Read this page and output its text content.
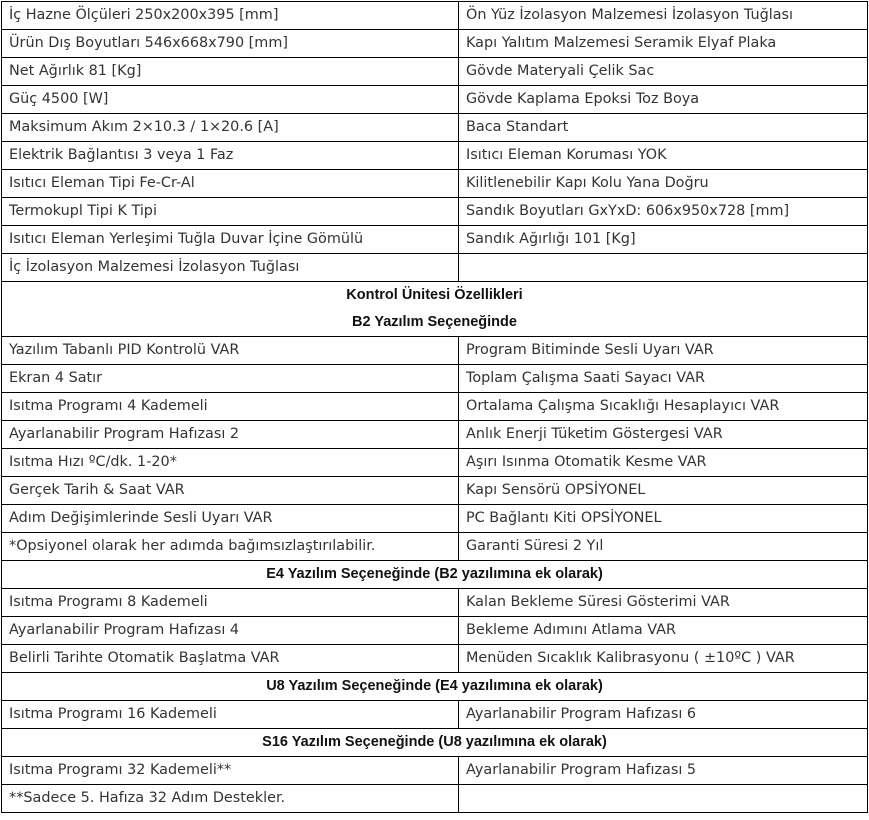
İç Hazne Ölçüleri 250x200x395 [mm]	Ön Yüz İzolasyon Malzemesi İzolasyon Tuğlası
Ürün Dış Boyutları 546x668x790 [mm]	Kapı Yalıtım Malzemesi Seramik Elyaf Plaka
Net Ağırlık 81 [Kg]	Gövde Materyali Çelik Sac
Güç 4500 [W]	Gövde Kaplama Epoksi Toz Boya
Maksimum Akım 2×10.3 / 1×20.6 [A]	Baca Standart
Elektrik Bağlantısı 3 veya 1 Faz	Isıtıcı Eleman Koruması YOK
Isıtıcı Eleman Tipi Fe-Cr-Al	Kilitlenebilir Kapı Kolu Yana Doğru
Termokupl Tipi K Tipi	Sandık Boyutları GxYxD: 606x950x728 [mm]
Isıtıcı Eleman Yerleşimi Tuğla Duvar İçine Gömülü	Sandık Ağırlığı 101 [Kg]
İç İzolasyon Malzemesi İzolasyon Tuğlası	
Kontrol Ünitesi Özellikleri	
B2 Yazılım Seçeneğinde	
Yazılım Tabanlı PID Kontrolü VAR	Program Bitiminde Sesli Uyarı VAR
Ekran 4 Satır	Toplam Çalışma Saati Sayacı VAR
Isıtma Programı 4 Kademeli	Ortalama Çalışma Sıcaklığı Hesaplayıcı VAR
Ayarlanabilir Program Hafızası 2	Anlık Enerji Tüketim Göstergesi VAR
Isıtma Hızı ºC/dk. 1-20*	Aşırı Isınma Otomatik Kesme VAR
Gerçek Tarih & Saat VAR	Kapı Sensörü OPSİYONEL
Adım Değişimlerinde Sesli Uyarı VAR	PC Bağlantı Kiti OPSİYONEL
*Opsiyonel olarak her adımda bağımsızlaştırılabilir.	Garanti Süresi 2 Yıl
E4 Yazılım Seçeneğinde (B2 yazılımına ek olarak)	
Isıtma Programı 8 Kademeli	Kalan Bekleme Süresi Gösterimi VAR
Ayarlanabilir Program Hafızası 4	Bekleme Adımını Atlama VAR
Belirli Tarihte Otomatik Başlatma VAR	Menüden Sıcaklık Kalibrasyonu ( ±10ºC ) VAR
U8 Yazılım Seçeneğinde (E4 yazılımına ek olarak)	
Isıtma Programı 16 Kademeli	Ayarlanabilir Program Hafızası 6
S16 Yazılım Seçeneğinde (U8 yazılımına ek olarak)	
Isıtma Programı 32 Kademeli**	Ayarlanabilir Program Hafızası 5
**Sadece 5. Hafıza 32 Adım Destekler.	
